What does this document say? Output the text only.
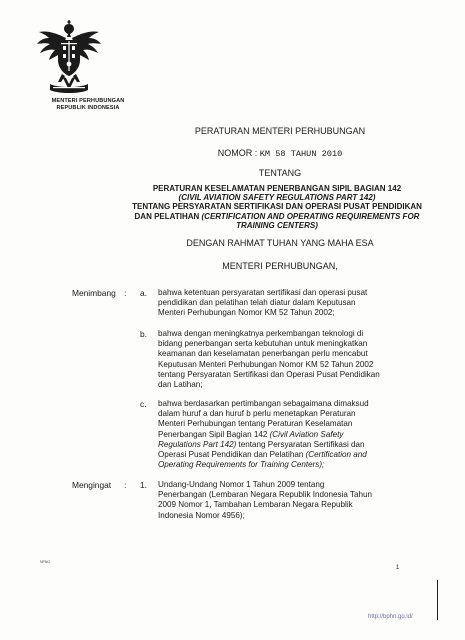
MENTERI PERHUBUNGAN
REPUBLIK INDONESIA
PERATURAN MENTERI PERHUBUNGAN
NOMOR : KM 58 TAHUN 2010
TENTANG
PERATURAN KESELAMATAN PENERBANGAN SIPIL BAGIAN 142
(CIVIL AVIATION SAFETY REGULATIONS PART 142)
TENTANG PERSYARATAN SERTIFIKASI DAN OPERASI PUSAT PENDIDIKAN
DAN PELATIHAN (CERTIFICATION AND OPERATING REQUIREMENTS FOR
TRAINING CENTERS)
DENGAN RAHMAT TUHAN YANG MAHA ESA
MENTERI PERHUBUNGAN,
Menimbang : a. bahwa ketentuan persyaratan sertifikasi dan operasi pusat
pendidikan dan pelatihan telah diatur dalam Keputusan
Menteri Perhubungan Nomor KM 52 Tahun 2002;
b. bahwa dengan meningkatnya perkembangan teknologi di
bidang penerbangan serta kebutuhan untuk meningkatkan
keamanan dan keselamatan penerbangan perlu mencabut
Keputusan Menteri Perhubungan Nomor KM 52 Tahun 2002
tentang Persyaratan Sertifikasi dan Operasi Pusat Pendidikan
dan Latihan;
c. bahwa berdasarkan pertimbangan sebagaimana dimaksud
dalam huruf a dan huruf b perlu menetapkan Peraturan
Menteri Perhubungan tentang Peraturan Keselamatan
Penerbangan Sipil Bagian 142 (Civil Aviation Safety
Regulations Part 142) tentang Persyaratan Sertifikasi dan
Operasi Pusat Pendidikan dan Pelatihan (Certification and
Operating Requirements for Training Centers);
Mengingat : 1. Undang-Undang Nomor 1 Tahun 2009 tentang
Penerbangan (Lembaran Negara Republik Indonesia Tahun
2009 Nomor 1, Tambahan Lembaran Negara Republik
Indonesia Nomor 4956);
NPNO
1
http://bphn.go.id/
